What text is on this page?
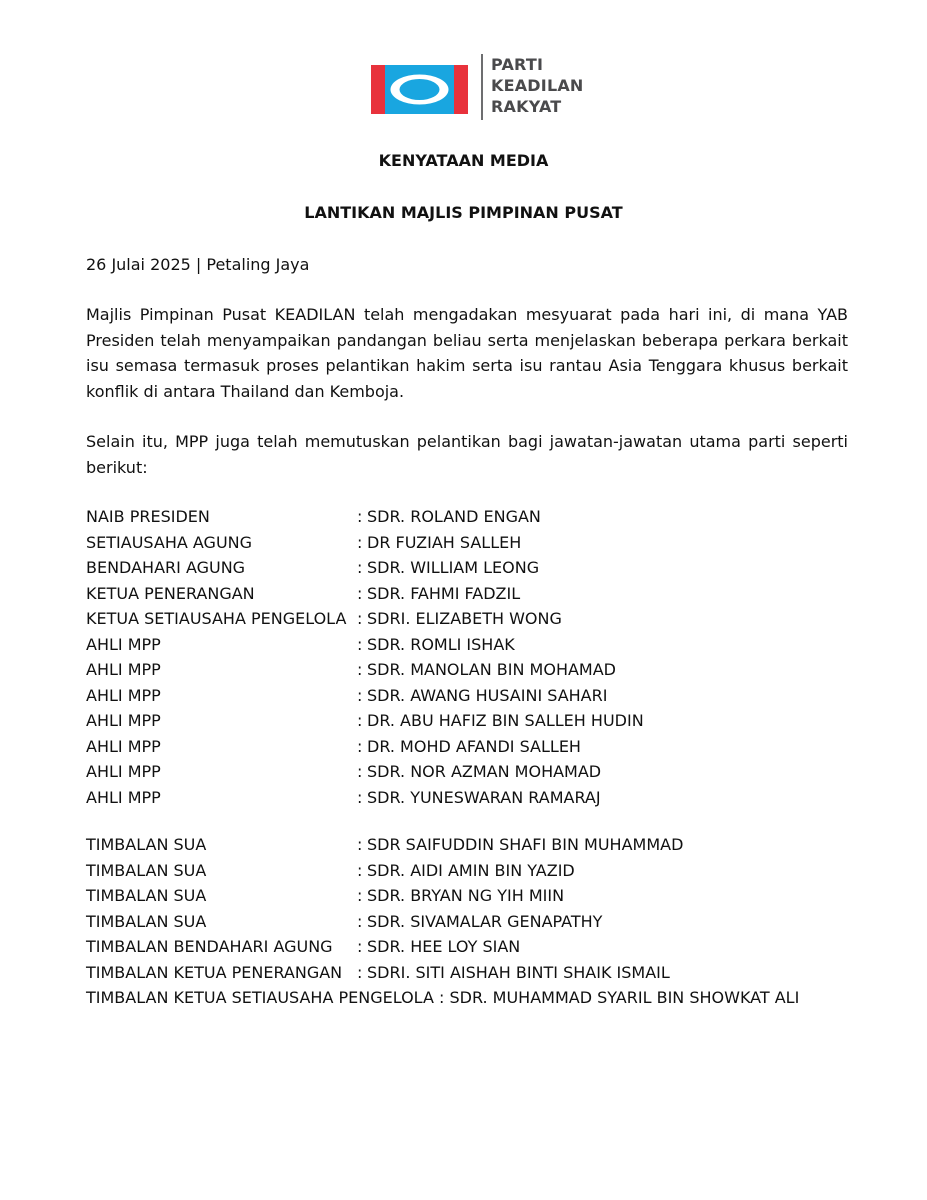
PARTI
KEADILAN
RAKYAT
KENYATAAN MEDIA
LANTIKAN MAJLIS PIMPINAN PUSAT
26 Julai 2025 | Petaling Jaya

Majlis Pimpinan Pusat KEADILAN telah mengadakan mesyuarat pada hari ini, di mana YAB Presiden telah menyampaikan pandangan beliau serta menjelaskan beberapa perkara berkait isu semasa termasuk proses pelantikan hakim serta isu rantau Asia Tenggara khusus berkait konflik di antara Thailand dan Kemboja.

Selain itu, MPP juga telah memutuskan pelantikan bagi jawatan-jawatan utama parti seperti berikut:

NAIB PRESIDEN	: SDR. ROLAND ENGAN
SETIAUSAHA AGUNG	: DR FUZIAH SALLEH
BENDAHARI AGUNG	: SDR. WILLIAM LEONG
KETUA PENERANGAN	: SDR. FAHMI FADZIL
KETUA SETIAUSAHA PENGELOLA : SDRI. ELIZABETH WONG
AHLI MPP	: SDR. ROMLI ISHAK
AHLI MPP	: SDR. MANOLAN BIN MOHAMAD
AHLI MPP	: SDR. AWANG HUSAINI SAHARI
AHLI MPP	: DR. ABU HAFIZ BIN SALLEH HUDIN
AHLI MPP	: DR. MOHD AFANDI SALLEH
AHLI MPP	: SDR. NOR AZMAN MOHAMAD
AHLI MPP	: SDR. YUNESWARAN RAMARAJ
TIMBALAN SUA	: SDR SAIFUDDIN SHAFI BIN MUHAMMAD
TIMBALAN SUA	: SDR. AIDI AMIN BIN YAZID
TIMBALAN SUA	: SDR. BRYAN NG YIH MIIN
TIMBALAN SUA	: SDR. SIVAMALAR GENAPATHY
TIMBALAN BENDAHARI AGUNG : SDR. HEE LOY SIAN
TIMBALAN KETUA PENERANGAN : SDRI. SITI AISHAH BINTI SHAIK ISMAIL
TIMBALAN KETUA SETIAUSAHA PENGELOLA : SDR. MUHAMMAD SYARIL BIN SHOWKAT ALI
